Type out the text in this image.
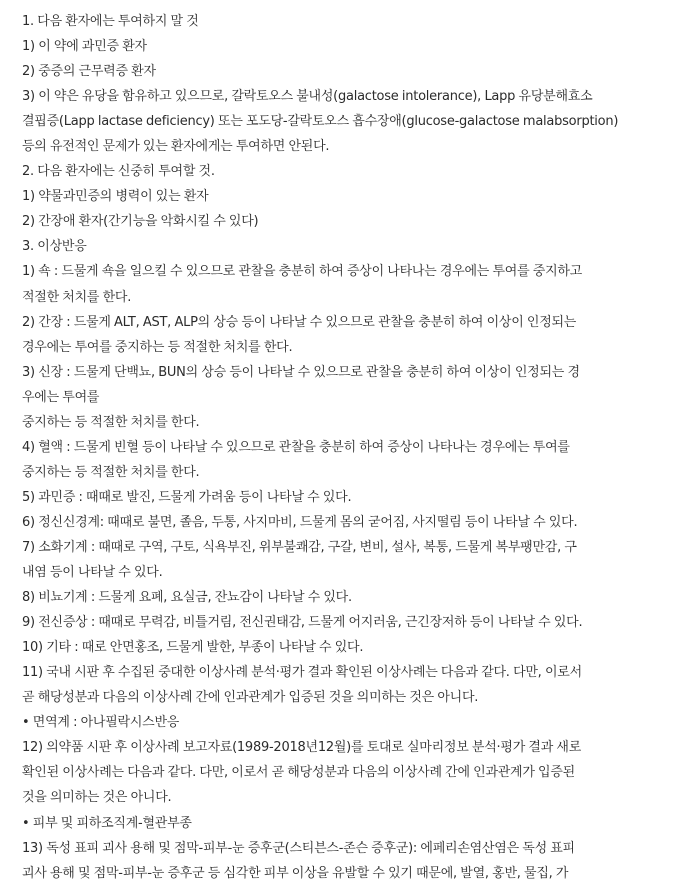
1. 다음 환자에는 투여하지 말 것
1) 이 약에 과민증 환자
2) 중증의 근무력증 환자
3) 이 약은 유당을 함유하고 있으므로, 갈락토오스 불내성(galactose intolerance), Lapp 유당분해효소
결핍증(Lapp lactase deficiency) 또는 포도당-갈락토오스 흡수장애(glucose-galactose malabsorption)
등의 유전적인 문제가 있는 환자에게는 투여하면 안된다.
2. 다음 환자에는 신중히 투여할 것.
1) 약물과민증의 병력이 있는 환자
2) 간장애 환자(간기능을 악화시킬 수 있다)
3. 이상반응
1) 쇽 : 드물게 쇽을 일으킬 수 있으므로 관찰을 충분히 하여 증상이 나타나는 경우에는 투여를 중지하고
적절한 처치를 한다.
2) 간장 : 드물게 ALT, AST, ALP의 상승 등이 나타날 수 있으므로 관찰을 충분히 하여 이상이 인정되는
경우에는 투여를 중지하는 등 적절한 처치를 한다.
3) 신장 : 드물게 단백뇨, BUN의 상승 등이 나타날 수 있으므로 관찰을 충분히 하여 이상이 인정되는 경
우에는 투여를
중지하는 등 적절한 처치를 한다.
4) 혈액 : 드물게 빈혈 등이 나타날 수 있으므로 관찰을 충분히 하여 증상이 나타나는 경우에는 투여를
중지하는 등 적절한 처치를 한다.
5) 과민증 : 때때로 발진, 드물게 가려움 등이 나타날 수 있다.
6) 정신신경계: 때때로 불면, 졸음, 두통, 사지마비, 드물게 몸의 굳어짐, 사지떨림 등이 나타날 수 있다.
7) 소화기계 : 때때로 구역, 구토, 식욕부진, 위부불쾌감, 구갈, 변비, 설사, 복통, 드물게 복부팽만감, 구
내염 등이 나타날 수 있다.
8) 비뇨기계 : 드물게 요폐, 요실금, 잔뇨감이 나타날 수 있다.
9) 전신증상 : 때때로 무력감, 비틀거림, 전신권태감, 드물게 어지러움, 근긴장저하 등이 나타날 수 있다.
10) 기타 : 때로 안면홍조, 드물게 발한, 부종이 나타날 수 있다.
11) 국내 시판 후 수집된 중대한 이상사례 분석·평가 결과 확인된 이상사례는 다음과 같다. 다만, 이로서
곧 해당성분과 다음의 이상사례 간에 인과관계가 입증된 것을 의미하는 것은 아니다.
• 면역계 : 아나필락시스반응
12) 의약품 시판 후 이상사례 보고자료(1989-2018년12월)를 토대로 실마리정보 분석·평가 결과 새로
확인된 이상사례는 다음과 같다. 다만, 이로서 곧 해당성분과 다음의 이상사례 간에 인과관계가 입증된
것을 의미하는 것은 아니다.
• 피부 및 피하조직계-혈관부종
13) 독성 표피 괴사 용해 및 점막-피부-눈 증후군(스티븐스-존슨 증후군): 에페리손염산염은 독성 표피
괴사 용해 및 점막-피부-눈 증후군 등 심각한 피부 이상을 유발할 수 있기 때문에, 발열, 홍반, 물집, 가
